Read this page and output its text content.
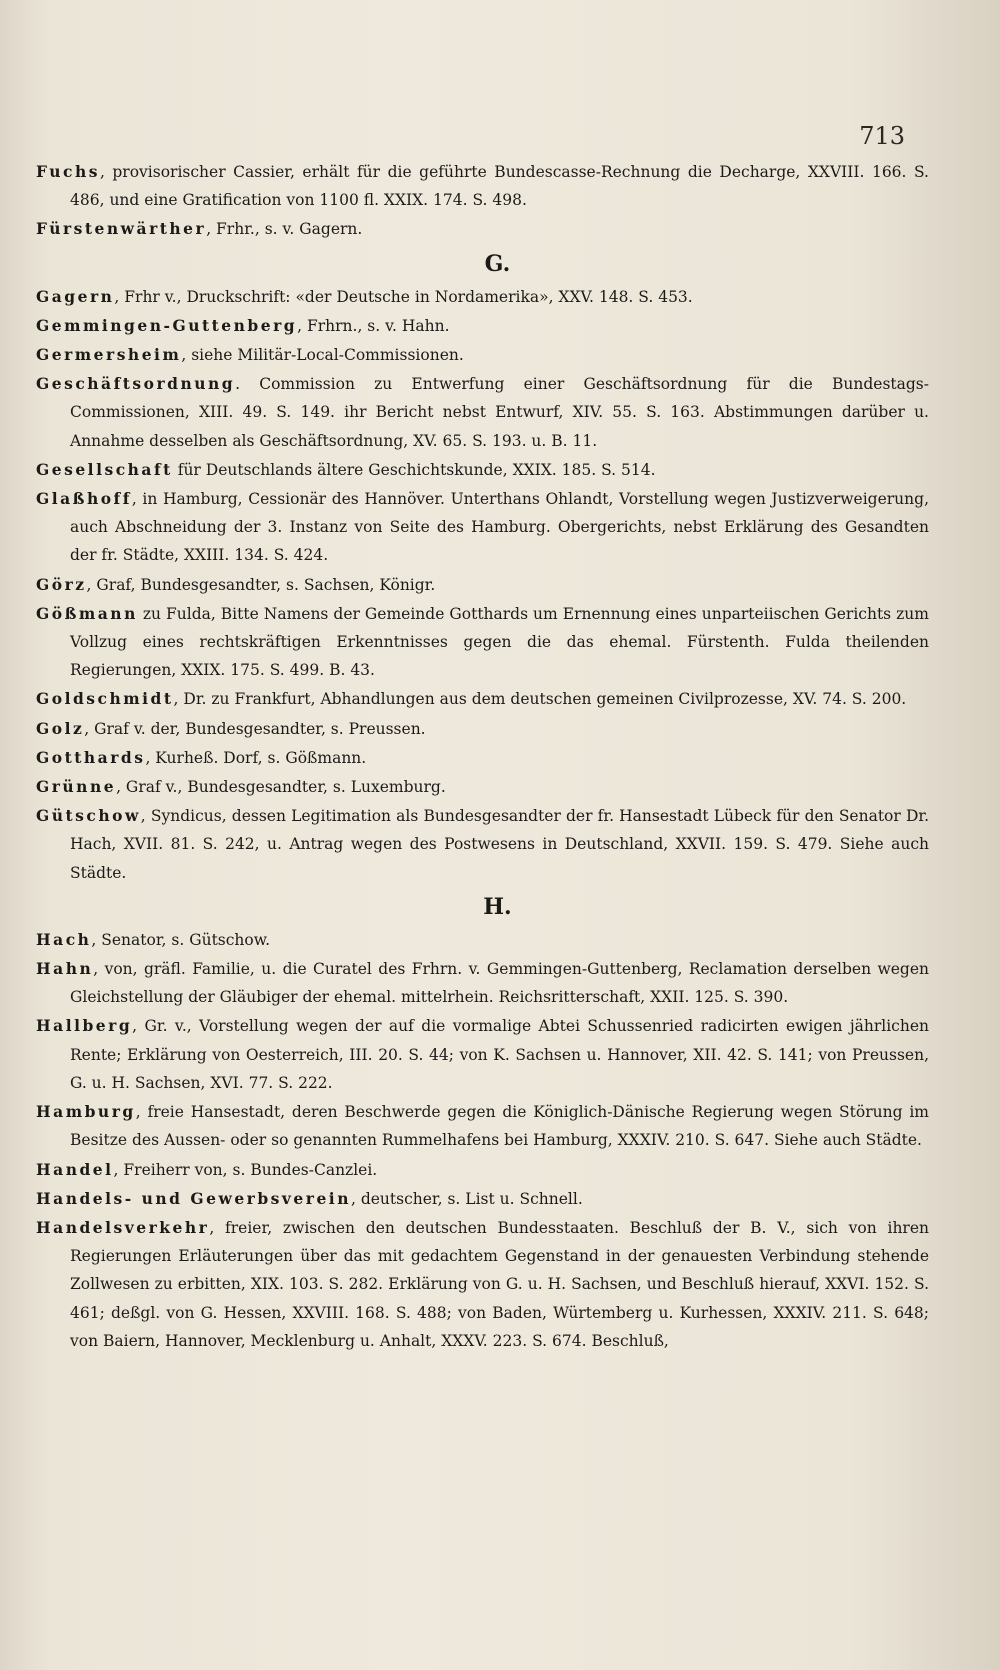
713

Fuchs, provisorischer Cassier, erhält für die geführte Bundescasse-Rechnung die Decharge, XXVIII. 166. S. 486, und eine Gratification von 1100 fl. XXIX. 174. S. 498.

Fürstenwärther, Frhr., s. v. Gagern.

G.

Gagern, Frhr v., Druckschrift: «der Deutsche in Nordamerika», XXV. 148. S. 453.

Gemmingen-Guttenberg, Frhrn., s. v. Hahn.

Germersheim, siehe Militär-Local-Commissionen.

Geschäftsordnung. Commission zu Entwerfung einer Geschäftsordnung für die Bundestags-Commissionen, XIII. 49. S. 149. ihr Bericht nebst Entwurf, XIV. 55. S. 163. Abstimmungen darüber u. Annahme desselben als Geschäftsordnung, XV. 65. S. 193. u. B. 11.

Gesellschaft für Deutschlands ältere Geschichtskunde, XXIX. 185. S. 514.

Glaßhoff, in Hamburg, Cessionär des Hannöver. Unterthans Ohlandt, Vorstellung wegen Justizverweigerung, auch Abschneidung der 3. Instanz von Seite des Hamburg. Obergerichts, nebst Erklärung des Gesandten der fr. Städte, XXIII. 134. S. 424.

Görz, Graf, Bundesgesandter, s. Sachsen, Königr.

Gößmann zu Fulda, Bitte Namens der Gemeinde Gotthards um Ernennung eines unparteiischen Gerichts zum Vollzug eines rechtskräftigen Erkenntnisses gegen die das ehemal. Fürstenth. Fulda theilenden Regierungen, XXIX. 175. S. 499. B. 43.

Goldschmidt, Dr. zu Frankfurt, Abhandlungen aus dem deutschen gemeinen Civilprozesse, XV. 74. S. 200.

Golz, Graf v. der, Bundesgesandter, s. Preussen.

Gotthards, Kurheß. Dorf, s. Gößmann.

Grünne, Graf v., Bundesgesandter, s. Luxemburg.

Gütschow, Syndicus, dessen Legitimation als Bundesgesandter der fr. Hansestadt Lübeck für den Senator Dr. Hach, XVII. 81. S. 242, u. Antrag wegen des Postwesens in Deutschland, XXVII. 159. S. 479. Siehe auch Städte.

H.

Hach, Senator, s. Gütschow.

Hahn, von, gräfl. Familie, u. die Curatel des Frhrn. v. Gemmingen-Guttenberg, Reclamation derselben wegen Gleichstellung der Gläubiger der ehemal. mittelrhein. Reichsritterschaft, XXII. 125. S. 390.

Hallberg, Gr. v., Vorstellung wegen der auf die vormalige Abtei Schussenried radicirten ewigen jährlichen Rente; Erklärung von Oesterreich, III. 20. S. 44; von K. Sachsen u. Hannover, XII. 42. S. 141; von Preussen, G. u. H. Sachsen, XVI. 77. S. 222.

Hamburg, freie Hansestadt, deren Beschwerde gegen die Königlich-Dänische Regierung wegen Störung im Besitze des Aussen- oder so genannten Rummelhafens bei Hamburg, XXXIV. 210. S. 647. Siehe auch Städte.

Handel, Freiherr von, s. Bundes-Canzlei.

Handels- und Gewerbsverein, deutscher, s. List u. Schnell.

Handelsverkehr, freier, zwischen den deutschen Bundesstaaten. Beschluß der B. V., sich von ihren Regierungen Erläuterungen über das mit gedachtem Gegenstand in der genauesten Verbindung stehende Zollwesen zu erbitten, XIX. 103. S. 282. Erklärung von G. u. H. Sachsen, und Beschluß hierauf, XXVI. 152. S. 461; deßgl. von G. Hessen, XXVIII. 168. S. 488; von Baden, Würtemberg u. Kurhessen, XXXIV. 211. S. 648; von Baiern, Hannover, Mecklenburg u. Anhalt, XXXV. 223. S. 674. Beschluß,
